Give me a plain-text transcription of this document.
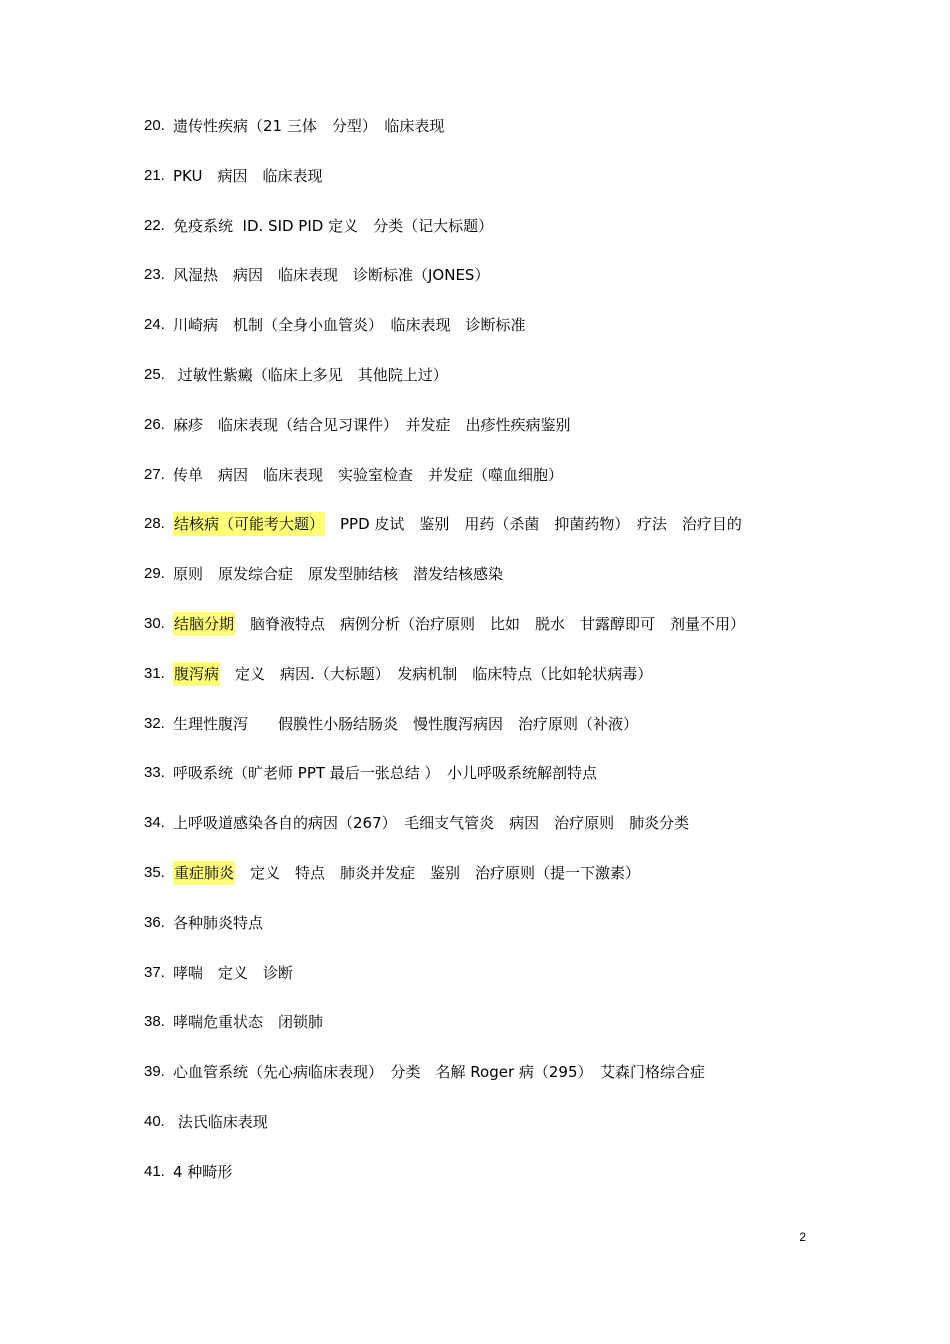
20. 遗传性疾病（21 三体　分型）　临床表现
21. PKU　病因　临床表现
22. 免疫系统  ID. SID PID 定义　分类（记大标题）
23. 风湿热　病因　临床表现　诊断标准（JONES）
24. 川崎病　机制（全身小血管炎）　临床表现　诊断标准
25. 过敏性紫癜（临床上多见　其他院上过）
26. 麻疹　临床表现（结合见习课件）　并发症　出疹性疾病鉴别
27. 传单　病因　临床表现　实验室检查　并发症（噬血细胞）
28. 结核病（可能考大题） 　PPD 皮试　鉴别　用药（杀菌　抑菌药物）　疗法　治疗目的
29. 原则　原发综合症　原发型肺结核　潜发结核感染
30. 结脑分期 　脑脊液特点　病例分析（治疗原则　比如　脱水　甘露醇即可　剂量不用）
31. 腹泻病 　定义　病因.（大标题）　发病机制　临床特点（比如轮状病毒）
32. 生理性腹泻　　假膜性小肠结肠炎　慢性腹泻病因　治疗原则（补液）
33. 呼吸系统（旷老师 PPT 最后一张总结 ）　小儿呼吸系统解剖特点
34. 上呼吸道感染各自的病因（267）　毛细支气管炎　病因　治疗原则　肺炎分类
35. 重症肺炎 　定义　特点　肺炎并发症　鉴别　治疗原则（提一下激素）
36. 各种肺炎特点
37. 哮喘　定义　诊断
38. 哮喘危重状态　闭锁肺
39. 心血管系统（先心病临床表现）　分类　名解 Roger 病（295）　艾森门格综合症
40. 法氏临床表现
41. 4 种畸形
2
